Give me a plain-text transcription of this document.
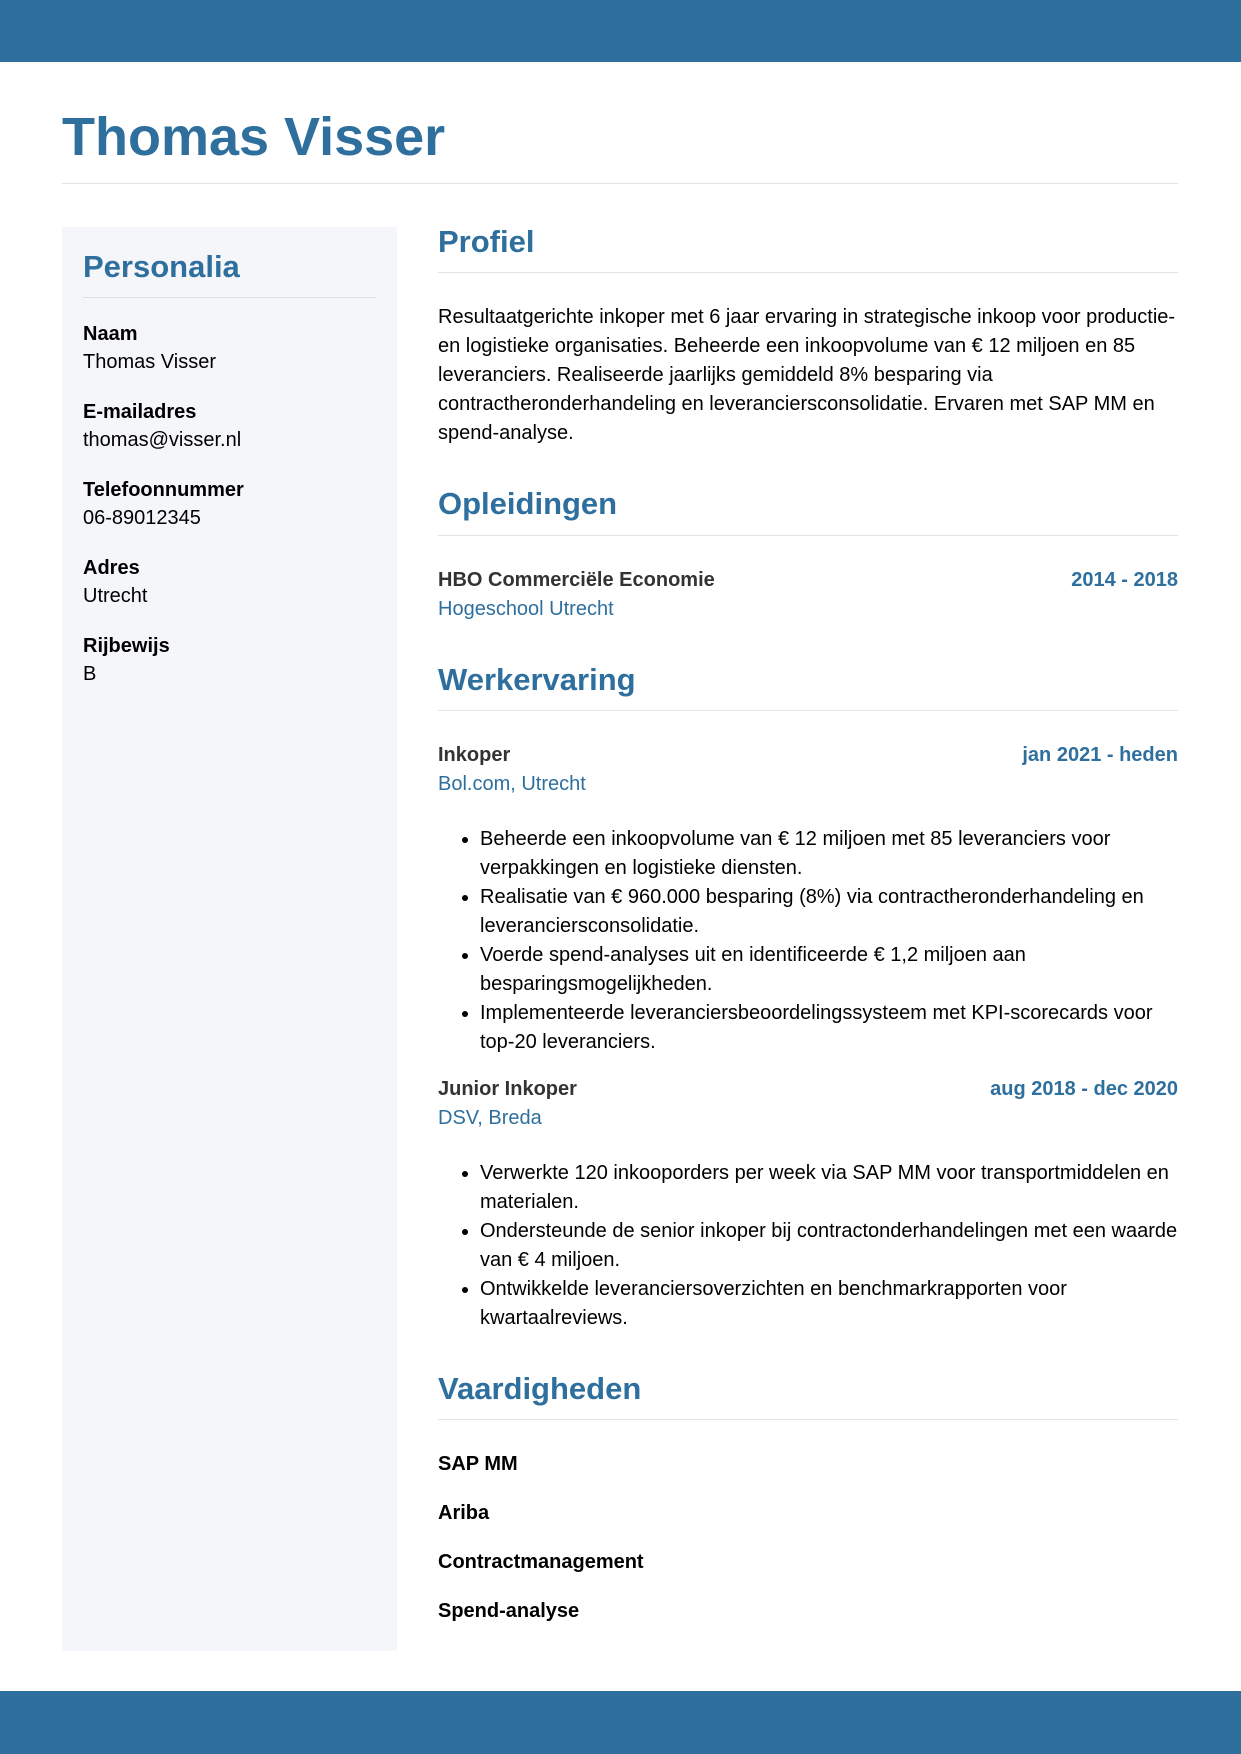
Thomas Visser
Personalia
Naam
Thomas Visser
E-mailadres
thomas@visser.nl
Telefoonnummer
06-89012345
Adres
Utrecht
Rijbewijs
B
Profiel

Resultaatgerichte inkoper met 6 jaar ervaring in strategische inkoop voor productie- en logistieke organisaties. Beheerde een inkoopvolume van € 12 miljoen en 85 leveranciers. Realiseerde jaarlijks gemiddeld 8% besparing via contractheronderhandeling en leveranciersconsolidatie. Ervaren met SAP MM en spend-analyse.

Opleidingen
HBO Commerciële Economie	2014 - 2018
Hogeschool Utrecht
Werkervaring
Inkoper	jan 2021 - heden
Bol.com, Utrecht
• Beheerde een inkoopvolume van € 12 miljoen met 85 leveranciers voor verpakkingen en logistieke diensten.
• Realisatie van € 960.000 besparing (8%) via contractheronderhandeling en leveranciersconsolidatie.
• Voerde spend-analyses uit en identificeerde € 1,2 miljoen aan besparingsmogelijkheden.
• Implementeerde leveranciersbeoordelingssysteem met KPI-scorecards voor top-20 leveranciers.
Junior Inkoper	aug 2018 - dec 2020
DSV, Breda
• Verwerkte 120 inkooporders per week via SAP MM voor transportmiddelen en materialen.
• Ondersteunde de senior inkoper bij contractonderhandelingen met een waarde van € 4 miljoen.
• Ontwikkelde leveranciersoverzichten en benchmarkrapporten voor kwartaalreviews.
Vaardigheden
SAP MM
Ariba
Contractmanagement
Spend-analyse
